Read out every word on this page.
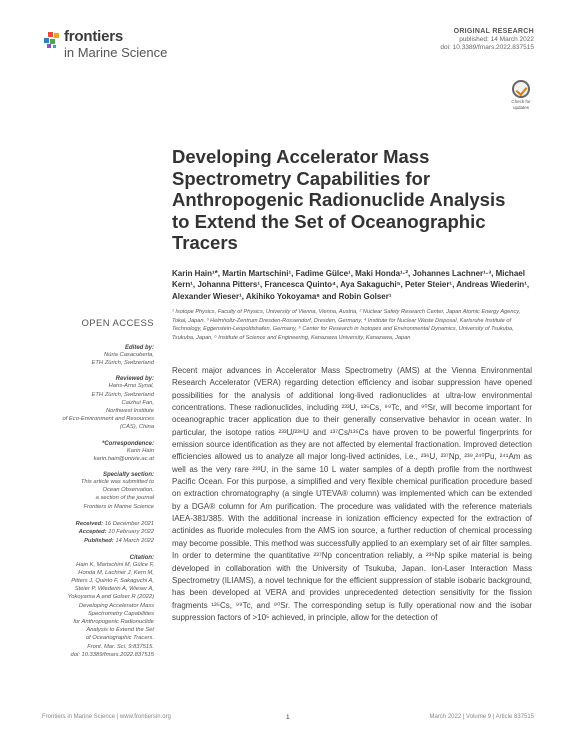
frontiers
in Marine Science
ORIGINAL RESEARCH
published: 14 March 2022
doi: 10.3389/fmars.2022.837515
Check for
updates
Developing Accelerator Mass Spectrometry Capabilities for Anthropogenic Radionuclide Analysis to Extend the Set of Oceanographic Tracers
Karin Hain¹*, Martin Martschini¹, Fadime Gülce¹, Maki Honda¹·², Johannes Lachner¹·³, Michael Kern¹, Johanna Pitters¹, Francesca Quinto⁴, Aya Sakaguchi⁵, Peter Steier¹, Andreas Wiederin¹, Alexander Wieser¹, Akihiko Yokoyama⁶ and Robin Golser¹
¹ Isotope Physics, Faculty of Physics, University of Vienna, Vienna, Austria, ² Nuclear Safety Research Center, Japan Atomic Energy Agency, Tokai, Japan, ³ Helmholtz-Zentrum Dresden-Rossendorf, Dresden, Germany, ⁴ Institute for Nuclear Waste Disposal, Karlsruhe Institute of Technology, Eggenstein-Leopoldshafen, Germany, ⁵ Center for Research in Isotopes and Environmental Dynamics, University of Tsukuba, Tsukuba, Japan, ⁶ Institute of Science and Engineering, Kanazawa University, Kanazawa, Japan
OPEN ACCESS
Edited by:
Núria Casacuberta,
ETH Zürich, Switzerland
Reviewed by:
Hans-Arno Synal,
ETH Zürich, Switzerland
Caizhui Fan,
Northwest Institute
of Eco-Environment and Resources
(CAS), China
*Correspondence:
Karin Hain
karin.hain@univie.ac.at
Specialty section:
This article was submitted to
Ocean Observation,
a section of the journal
Frontiers in Marine Science
Received: 16 December 2021
Accepted: 10 February 2022
Published: 14 March 2022
Citation:
Hain K, Martschini M, Gülce F,
Honda M, Lachner J, Kern M,
Pitters J, Quinto F, Sakaguchi A,
Steier P, Wiederin A, Wieser A,
Yokoyama A and Golser R (2022)
Developing Accelerator Mass
Spectrometry Capabilities
for Anthropogenic Radionuclide
Analysis to Extend the Set
of Oceanographic Tracers.
Front. Mar. Sci. 9:837515.
doi: 10.3389/fmars.2022.837515
Recent major advances in Accelerator Mass Spectrometry (AMS) at the Vienna Environmental Research Accelerator (VERA) regarding detection efficiency and isobar suppression have opened possibilities for the analysis of additional long-lived radionuclides at ultra-low environmental concentrations. These radionuclides, including ²³³U, ¹³⁵Cs, ⁹⁹Tc, and ⁹⁰Sr, will become important for oceanographic tracer application due to their generally conservative behavior in ocean water. In particular, the isotope ratios ²³³U/²³⁶U and ¹³⁷Cs/¹³⁵Cs have proven to be powerful fingerprints for emission source identification as they are not affected by elemental fractionation. Improved detection efficiencies allowed us to analyze all major long-lived actinides, i.e., ²³⁶U, ²³⁷Np, ²³⁹,²⁴⁰Pu, ²⁴¹Am as well as the very rare ²³³U, in the same 10 L water samples of a depth profile from the northwest Pacific Ocean. For this purpose, a simplified and very flexible chemical purification procedure based on extraction chromatography (a single UTEVA® column) was implemented which can be extended by a DGA® column for Am purification. The procedure was validated with the reference materials IAEA-381/385. With the additional increase in ionization efficiency expected for the extraction of actinides as fluoride molecules from the AMS ion source, a further reduction of chemical processing may become possible. This method was successfully applied to an exemplary set of air filter samples. In order to determine the quantitative ²³⁷Np concentration reliably, a ²³⁶Np spike material is being developed in collaboration with the University of Tsukuba, Japan. Ion-Laser Interaction Mass Spectrometry (ILIAMS), a novel technique for the efficient suppression of stable isobaric background, has been developed at VERA and provides unprecedented detection sensitivity for the fission fragments ¹³⁵Cs, ⁹⁹Tc, and ⁹⁰Sr. The corresponding setup is fully operational now and the isobar suppression factors of >10⁵ achieved, in principle, allow for the detection of
Frontiers in Marine Science | www.frontiersin.org	1	March 2022 | Volume 9 | Article 837515
